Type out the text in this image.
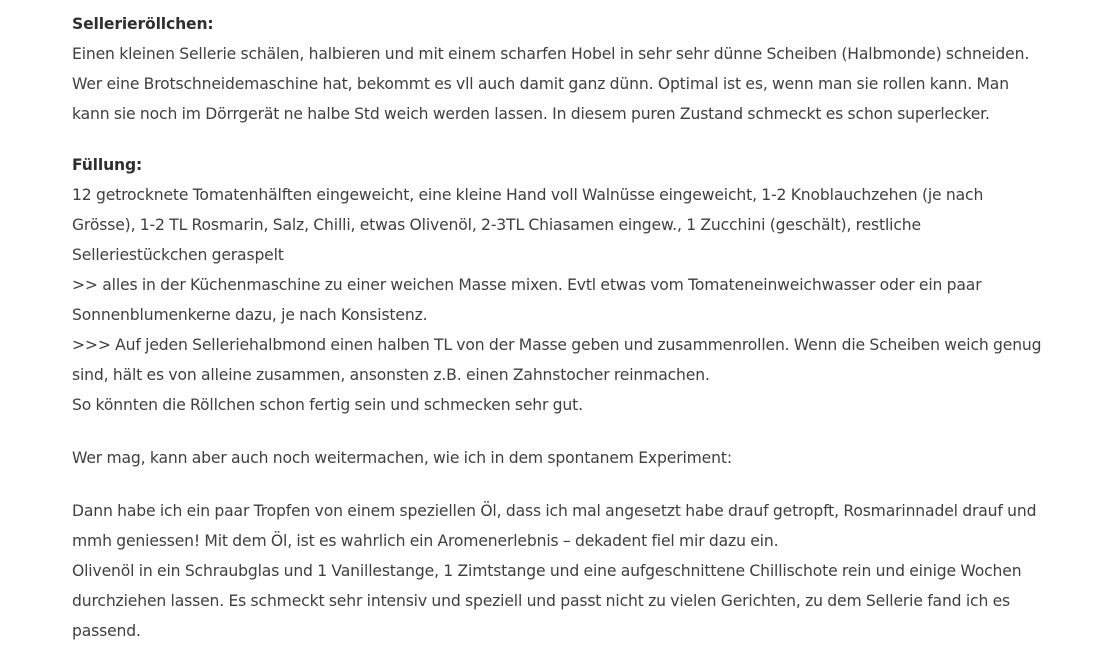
Sellerieröllchen:
Einen kleinen Sellerie schälen, halbieren und mit einem scharfen Hobel in sehr sehr dünne Scheiben (Halbmonde) schneiden.
Wer eine Brotschneidemaschine hat, bekommt es vll auch damit ganz dünn. Optimal ist es, wenn man sie rollen kann. Man
kann sie noch im Dörrgerät ne halbe Std weich werden lassen. In diesem puren Zustand schmeckt es schon superlecker.

Füllung:
12 getrocknete Tomatenhälften eingeweicht, eine kleine Hand voll Walnüsse eingeweicht, 1-2 Knoblauchzehen (je nach
Grösse), 1-2 TL Rosmarin, Salz, Chilli, etwas Olivenöl, 2-3TL Chiasamen eingew., 1 Zucchini (geschält), restliche
Selleriestückchen geraspelt
>> alles in der Küchenmaschine zu einer weichen Masse mixen. Evtl etwas vom Tomateneinweichwasser oder ein paar
Sonnenblumenkerne dazu, je nach Konsistenz.
>>> Auf jeden Selleriehalbmond einen halben TL von der Masse geben und zusammenrollen. Wenn die Scheiben weich genug
sind, hält es von alleine zusammen, ansonsten z.B. einen Zahnstocher reinmachen.
So könnten die Röllchen schon fertig sein und schmecken sehr gut.

Wer mag, kann aber auch noch weitermachen, wie ich in dem spontanem Experiment:

Dann habe ich ein paar Tropfen von einem speziellen Öl, dass ich mal angesetzt habe drauf getropft, Rosmarinnadel drauf und
mmh geniessen! Mit dem Öl, ist es wahrlich ein Aromenerlebnis – dekadent fiel mir dazu ein.
Olivenöl in ein Schraubglas und 1 Vanillestange, 1 Zimtstange und eine aufgeschnittene Chillischote rein und einige Wochen
durchziehen lassen. Es schmeckt sehr intensiv und speziell und passt nicht zu vielen Gerichten, zu dem Sellerie fand ich es
passend.
